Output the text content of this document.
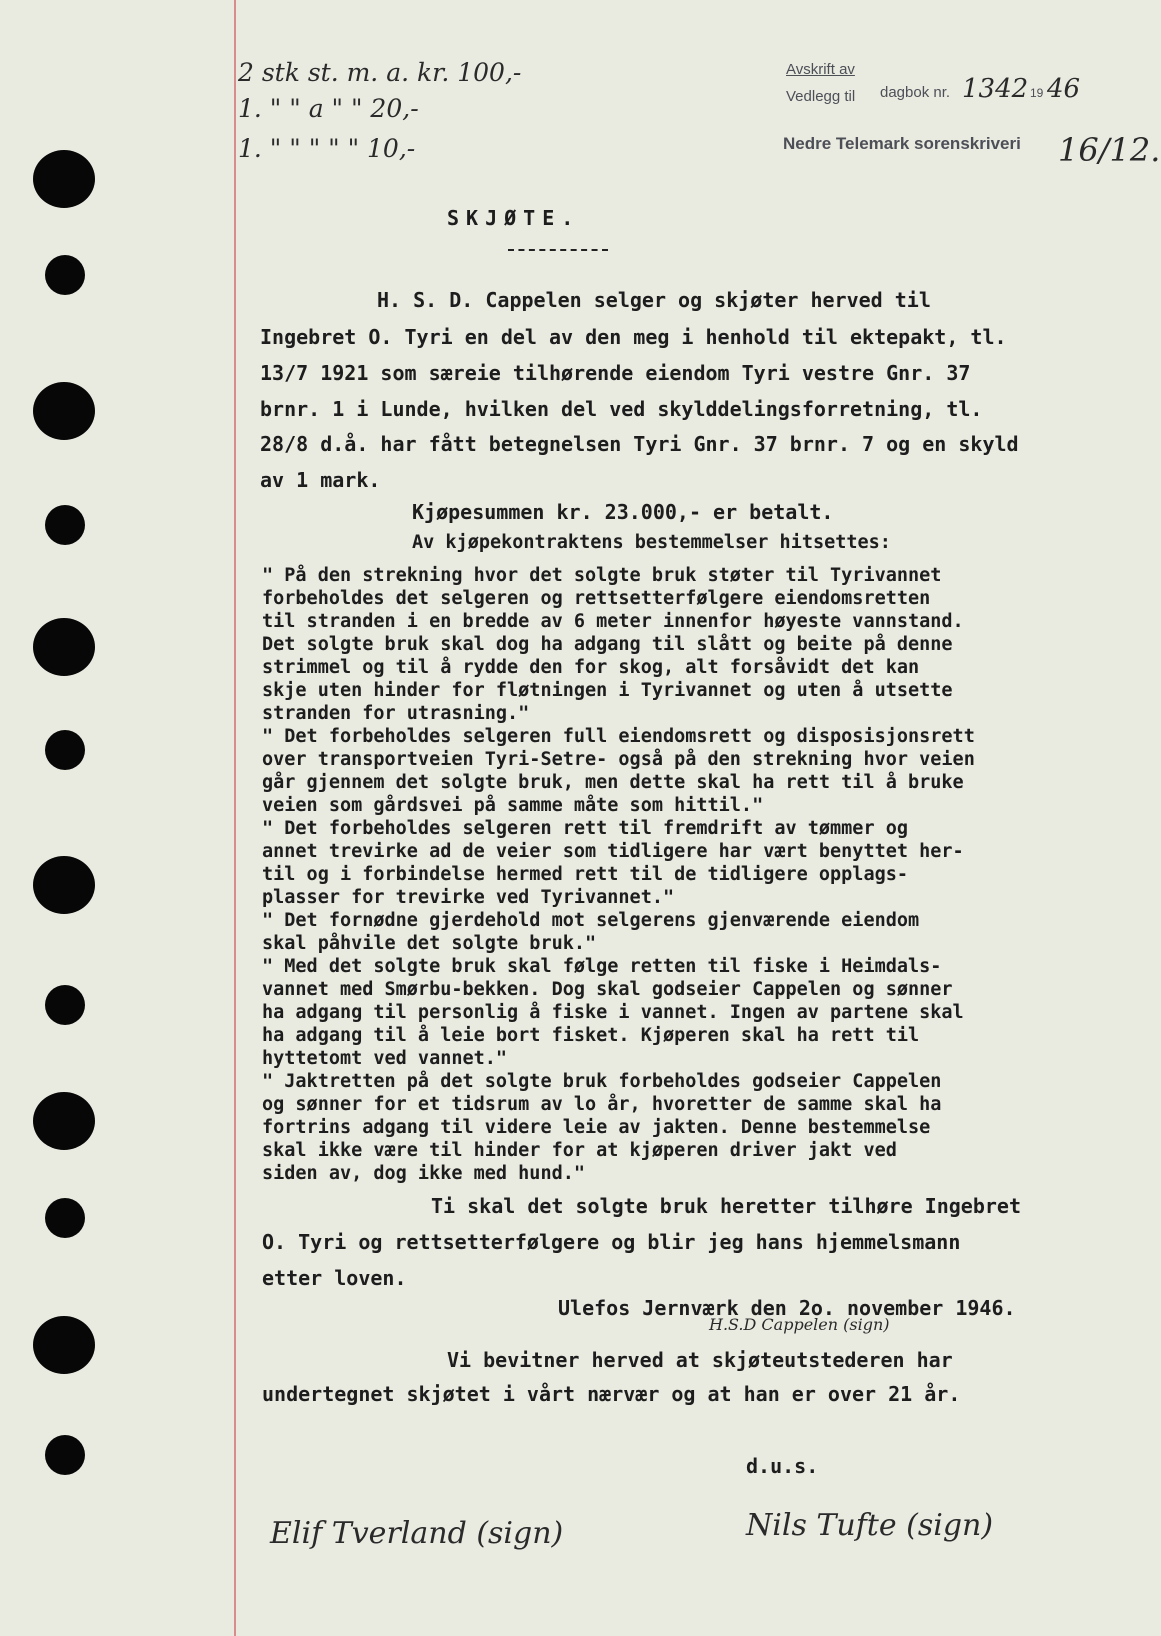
2 stk st. m. a. kr. 100,-
1. " " a " " 20,-
1. " " " " " 10,-
Avskrift av
dagbok nr.
Vedlegg til	1342 19 46
Nedre Telemark sorenskriveri 16/12.
SKJØTE.
H. S. D. Cappelen selger og skjøter herved til
Ingebret O. Tyri en del av den meg i henhold til ektepakt, tl.
13/7 1921 som særeie tilhørende eiendom Tyri vestre Gnr. 37
brnr. 1 i Lunde, hvilken del ved skylddelingsforretning, tl.
28/8 d.å. har fått betegnelsen Tyri Gnr. 37 brnr. 7 og en skyld
av 1 mark.
Kjøpesummen kr. 23.000,- er betalt.
Av kjøpekontraktens bestemmelser hitsettes:
" På den strekning hvor det solgte bruk støter til Tyrivannet
forbeholdes det selgeren og rettsetterfølgere eiendomsretten
til stranden i en bredde av 6 meter innenfor høyeste vannstand.
Det solgte bruk skal dog ha adgang til slått og beite på denne
strimmel og til å rydde den for skog, alt forsåvidt det kan
skje uten hinder for fløtningen i Tyrivannet og uten å utsette
stranden for utrasning."
" Det forbeholdes selgeren full eiendomsrett og disposisjonsrett
over transportveien Tyri-Setre- også på den strekning hvor veien
går gjennem det solgte bruk, men dette skal ha rett til å bruke
veien som gårdsvei på samme måte som hittil."
" Det forbeholdes selgeren rett til fremdrift av tømmer og
annet trevirke ad de veier som tidligere har vært benyttet her-
til og i forbindelse hermed rett til de tidligere opplags-
plasser for trevirke ved Tyrivannet."
" Det fornødne gjerdehold mot selgerens gjenværende eiendom
skal påhvile det solgte bruk."
" Med det solgte bruk skal følge retten til fiske i Heimdals-
vannet med Smørbu-bekken. Dog skal godseier Cappelen og sønner
ha adgang til personlig å fiske i vannet. Ingen av partene skal
ha adgang til å leie bort fisket. Kjøperen skal ha rett til
hyttetomt ved vannet."
" Jaktretten på det solgte bruk forbeholdes godseier Cappelen
og sønner for et tidsrum av lo år, hvoretter de samme skal ha
fortrins adgang til videre leie av jakten. Denne bestemmelse
skal ikke være til hinder for at kjøperen driver jakt ved
siden av, dog ikke med hund."
Ti skal det solgte bruk heretter tilhøre Ingebret
O. Tyri og rettsetterfølgere og blir jeg hans hjemmelsmann
etter loven.
Ulefos Jernværk den 2o. november 1946.
H.S.D Cappelen (sign)
Vi bevitner herved at skjøteutstederen har
undertegnet skjøtet i vårt nærvær og at han er over 21 år.
d.u.s.
Elif Tverland (sign)	Nils Tufte (sign)
